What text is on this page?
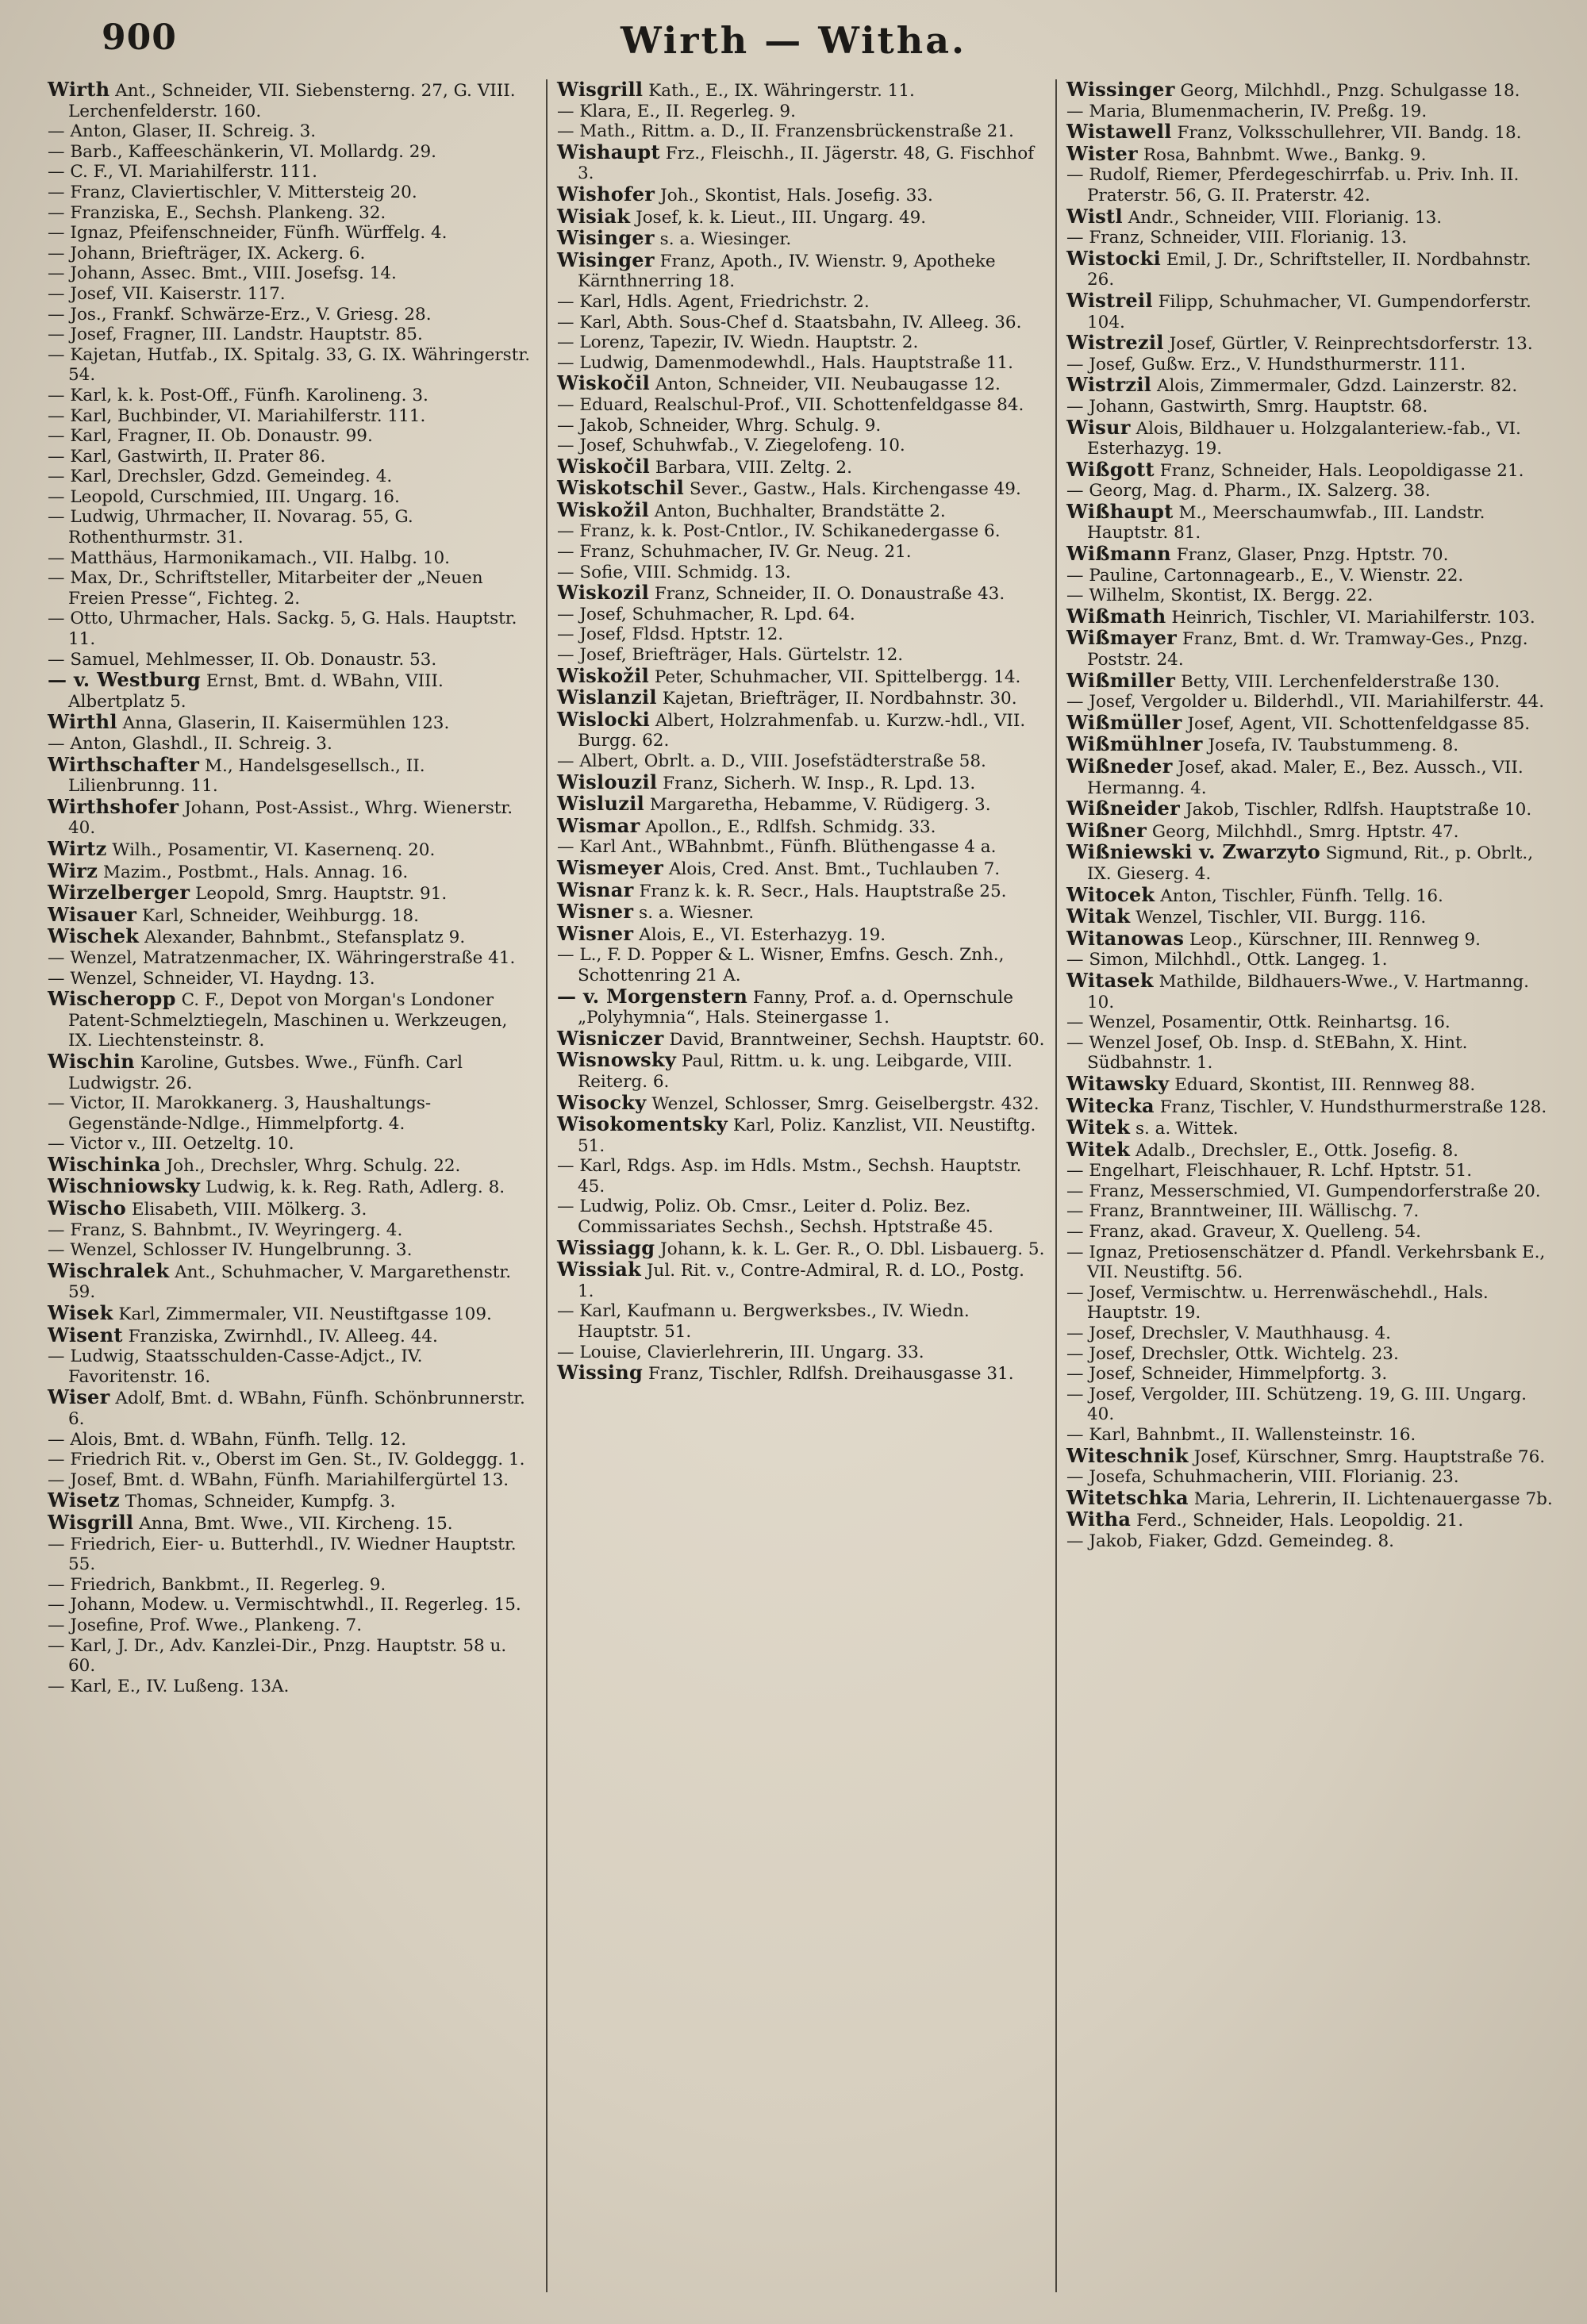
900	Wirth — Witha.
Wirth Ant., Schneider, VII. Siebensterng. 27, G. VIII. Lerchenfelderstr. 160.
— Anton, Glaser, II. Schreig. 3.
— Barb., Kaffeeschänkerin, VI. Mollardg. 29.
— C. F., VI. Mariahilferstr. 111.
— Franz, Claviertischler, V. Mittersteig 20.
— Franziska, E., Sechsh. Plankeng. 32.
— Ignaz, Pfeifenschneider, Fünfh. Würffelg. 4.
— Johann, Briefträger, IX. Ackerg. 6.
— Johann, Assec. Bmt., VIII. Josefsg. 14.
— Josef, VII. Kaiserstr. 117.
— Jos., Frankf. Schwärze-Erz., V. Griesg. 28.
— Josef, Fragner, III. Landstr. Hauptstr. 85.
— Kajetan, Hutfab., IX. Spitalg. 33, G. IX. Währingerstr. 54.
— Karl, k. k. Post-Off., Fünfh. Karolineng. 3.
— Karl, Buchbinder, VI. Mariahilferstr. 111.
— Karl, Fragner, II. Ob. Donaustr. 99.
— Karl, Gastwirth, II. Prater 86.
— Karl, Drechsler, Gdzd. Gemeindeg. 4.
— Leopold, Curschmied, III. Ungarg. 16.
— Ludwig, Uhrmacher, II. Novarag. 55, G. Rothenthurmstr. 31.
— Matthäus, Harmonikamach., VII. Halbg. 10.
— Max, Dr., Schriftsteller, Mitarbeiter der „Neuen Freien Presse“, Fichteg. 2.
— Otto, Uhrmacher, Hals. Sackg. 5, G. Hals. Hauptstr. 11.
— Samuel, Mehlmesser, II. Ob. Donaustr. 53.
— v. Westburg Ernst, Bmt. d. WBahn, VIII. Albertplatz 5.
Wirthl Anna, Glaserin, II. Kaisermühlen 123.
— Anton, Glashdl., II. Schreig. 3.
Wirthschafter M., Handelsgesellsch., II. Lilienbrunng. 11.
Wirthshofer Johann, Post-Assist., Whrg. Wienerstr. 40.
Wirtz Wilh., Posamentir, VI. Kasernenq. 20.
Wirz Mazim., Postbmt., Hals. Annag. 16.
Wirzelberger Leopold, Smrg. Hauptstr. 91.
Wisauer Karl, Schneider, Weihburgg. 18.
Wischek Alexander, Bahnbmt., Stefansplatz 9.
— Wenzel, Matratzenmacher, IX. Währingerstraße 41.
— Wenzel, Schneider, VI. Haydng. 13.
Wischeropp C. F., Depot von Morgan's Londoner Patent-Schmelztiegeln, Maschinen u. Werkzeugen, IX. Liechtensteinstr. 8.
Wischin Karoline, Gutsbes. Wwe., Fünfh. Carl Ludwigstr. 26.
— Victor, II. Marokkanerg. 3, Haushaltungs-Gegenstände-Ndlge., Himmelpfortg. 4.
— Victor v., III. Oetzeltg. 10.
Wischinka Joh., Drechsler, Whrg. Schulg. 22.
Wischniowsky Ludwig, k. k. Reg. Rath, Adlerg. 8.
Wischo Elisabeth, VIII. Mölkerg. 3.
— Franz, S. Bahnbmt., IV. Weyringerg. 4.
— Wenzel, Schlosser IV. Hungelbrunng. 3.
Wischralek Ant., Schuhmacher, V. Margarethenstr. 59.
Wisek Karl, Zimmermaler, VII. Neustiftgasse 109.
Wisent Franziska, Zwirnhdl., IV. Alleeg. 44.
— Ludwig, Staatsschulden-Casse-Adjct., IV. Favoritenstr. 16.
Wiser Adolf, Bmt. d. WBahn, Fünfh. Schönbrunnerstr. 6.
— Alois, Bmt. d. WBahn, Fünfh. Tellg. 12.
— Friedrich Rit. v., Oberst im Gen. St., IV. Goldeggg. 1.
— Josef, Bmt. d. WBahn, Fünfh. Mariahilfergürtel 13.
Wisetz Thomas, Schneider, Kumpfg. 3.
Wisgrill Anna, Bmt. Wwe., VII. Kircheng. 15.
— Friedrich, Eier- u. Butterhdl., IV. Wiedner Hauptstr. 55.
— Friedrich, Bankbmt., II. Regerleg. 9.
— Johann, Modew. u. Vermischtwhdl., II. Regerleg. 15.
— Josefine, Prof. Wwe., Plankeng. 7.
— Karl, J. Dr., Adv. Kanzlei-Dir., Pnzg. Hauptstr. 58 u. 60.
— Karl, E., IV. Lußeng. 13A.
Wisgrill Kath., E., IX. Währingerstr. 11.
— Klara, E., II. Regerleg. 9.
— Math., Rittm. a. D., II. Franzensbrückenstraße 21.
Wishaupt Frz., Fleischh., II. Jägerstr. 48, G. Fischhof 3.
Wishofer Joh., Skontist, Hals. Josefig. 33.
Wisiak Josef, k. k. Lieut., III. Ungarg. 49.
Wisinger s. a. Wiesinger.
Wisinger Franz, Apoth., IV. Wienstr. 9, Apotheke Kärnthnerring 18.
— Karl, Hdls. Agent, Friedrichstr. 2.
— Karl, Abth. Sous-Chef d. Staatsbahn, IV. Alleeg. 36.
— Lorenz, Tapezir, IV. Wiedn. Hauptstr. 2.
— Ludwig, Damenmodewhdl., Hals. Hauptstraße 11.
Wiskočil Anton, Schneider, VII. Neubaugasse 12.
— Eduard, Realschul-Prof., VII. Schottenfeldgasse 84.
— Jakob, Schneider, Whrg. Schulg. 9.
— Josef, Schuhwfab., V. Ziegelofeng. 10.
Wiskočil Barbara, VIII. Zeltg. 2.
Wiskotschil Sever., Gastw., Hals. Kirchengasse 49.
Wiskožil Anton, Buchhalter, Brandstätte 2.
— Franz, k. k. Post-Cntlor., IV. Schikanedergasse 6.
— Franz, Schuhmacher, IV. Gr. Neug. 21.
— Sofie, VIII. Schmidg. 13.
Wiskozil Franz, Schneider, II. O. Donaustraße 43.
— Josef, Schuhmacher, R. Lpd. 64.
— Josef, Fldsd. Hptstr. 12.
— Josef, Briefträger, Hals. Gürtelstr. 12.
Wiskožil Peter, Schuhmacher, VII. Spittelbergg. 14.
Wislanzil Kajetan, Briefträger, II. Nordbahnstr. 30.
Wislocki Albert, Holzrahmenfab. u. Kurzw.-hdl., VII. Burgg. 62.
— Albert, Obrlt. a. D., VIII. Josefstädterstraße 58.
Wislouzil Franz, Sicherh. W. Insp., R. Lpd. 13.
Wisluzil Margaretha, Hebamme, V. Rüdigerg. 3.
Wismar Apollon., E., Rdlfsh. Schmidg. 33.
— Karl Ant., WBahnbmt., Fünfh. Blüthengasse 4 a.
Wismeyer Alois, Cred. Anst. Bmt., Tuchlauben 7.
Wisnar Franz k. k. R. Secr., Hals. Hauptstraße 25.
Wisner s. a. Wiesner.
Wisner Alois, E., VI. Esterhazyg. 19.
— L., F. D. Popper & L. Wisner, Emfns. Gesch. Znh., Schottenring 21 A.
— v. Morgenstern Fanny, Prof. a. d. Opernschule „Polyhymnia“, Hals. Steinergasse 1.
Wisniczer David, Branntweiner, Sechsh. Hauptstr. 60.
Wisnowsky Paul, Rittm. u. k. ung. Leibgarde, VIII. Reiterg. 6.
Wisocky Wenzel, Schlosser, Smrg. Geiselbergstr. 432.
Wisokomentsky Karl, Poliz. Kanzlist, VII. Neustiftg. 51.
— Karl, Rdgs. Asp. im Hdls. Mstm., Sechsh. Hauptstr. 45.
— Ludwig, Poliz. Ob. Cmsr., Leiter d. Poliz. Bez. Commissariates Sechsh., Sechsh. Hptstraße 45.
Wissiagg Johann, k. k. L. Ger. R., O. Dbl. Lisbauerg. 5.
Wissiak Jul. Rit. v., Contre-Admiral, R. d. LO., Postg. 1.
— Karl, Kaufmann u. Bergwerksbes., IV. Wiedn. Hauptstr. 51.
— Louise, Clavierlehrerin, III. Ungarg. 33.
Wissing Franz, Tischler, Rdlfsh. Dreihausgasse 31.
Wissinger Georg, Milchhdl., Pnzg. Schulgasse 18.
— Maria, Blumenmacherin, IV. Preßg. 19.
Wistawell Franz, Volksschullehrer, VII. Bandg. 18.
Wister Rosa, Bahnbmt. Wwe., Bankg. 9.
— Rudolf, Riemer, Pferdegeschirrfab. u. Priv. Inh. II. Praterstr. 56, G. II. Praterstr. 42.
Wistl Andr., Schneider, VIII. Florianig. 13.
— Franz, Schneider, VIII. Florianig. 13.
Wistocki Emil, J. Dr., Schriftsteller, II. Nordbahnstr. 26.
Wistreil Filipp, Schuhmacher, VI. Gumpendorferstr. 104.
Wistrezil Josef, Gürtler, V. Reinprechtsdorferstr. 13.
— Josef, Gußw. Erz., V. Hundsthurmerstr. 111.
Wistrzil Alois, Zimmermaler, Gdzd. Lainzerstr. 82.
— Johann, Gastwirth, Smrg. Hauptstr. 68.
Wisur Alois, Bildhauer u. Holzgalanteriew.-fab., VI. Esterhazyg. 19.
Wißgott Franz, Schneider, Hals. Leopoldigasse 21.
— Georg, Mag. d. Pharm., IX. Salzerg. 38.
Wißhaupt M., Meerschaumwfab., III. Landstr. Hauptstr. 81.
Wißmann Franz, Glaser, Pnzg. Hptstr. 70.
— Pauline, Cartonnagearb., E., V. Wienstr. 22.
— Wilhelm, Skontist, IX. Bergg. 22.
Wißmath Heinrich, Tischler, VI. Mariahilferstr. 103.
Wißmayer Franz, Bmt. d. Wr. Tramway-Ges., Pnzg. Poststr. 24.
Wißmiller Betty, VIII. Lerchenfelderstraße 130.
— Josef, Vergolder u. Bilderhdl., VII. Mariahilferstr. 44.
Wißmüller Josef, Agent, VII. Schottenfeldgasse 85.
Wißmühlner Josefa, IV. Taubstummeng. 8.
Wißneder Josef, akad. Maler, E., Bez. Aussch., VII. Hermanng. 4.
Wißneider Jakob, Tischler, Rdlfsh. Hauptstraße 10.
Wißner Georg, Milchhdl., Smrg. Hptstr. 47.
Wißniewski v. Zwarzyto Sigmund, Rit., p. Obrlt., IX. Gieserg. 4.
Witocek Anton, Tischler, Fünfh. Tellg. 16.
Witak Wenzel, Tischler, VII. Burgg. 116.
Witanowas Leop., Kürschner, III. Rennweg 9.
— Simon, Milchhdl., Ottk. Langeg. 1.
Witasek Mathilde, Bildhauers-Wwe., V. Hartmanng. 10.
— Wenzel, Posamentir, Ottk. Reinhartsg. 16.
— Wenzel Josef, Ob. Insp. d. StEBahn, X. Hint. Südbahnstr. 1.
Witawsky Eduard, Skontist, III. Rennweg 88.
Witecka Franz, Tischler, V. Hundsthurmerstraße 128.
Witek s. a. Wittek.
Witek Adalb., Drechsler, E., Ottk. Josefig. 8.
— Engelhart, Fleischhauer, R. Lchf. Hptstr. 51.
— Franz, Messerschmied, VI. Gumpendorferstraße 20.
— Franz, Branntweiner, III. Wällischg. 7.
— Franz, akad. Graveur, X. Quelleng. 54.
— Ignaz, Pretiosenschätzer d. Pfandl. Verkehrsbank E., VII. Neustiftg. 56.
— Josef, Vermischtw. u. Herrenwäschehdl., Hals. Hauptstr. 19.
— Josef, Drechsler, V. Mauthhausg. 4.
— Josef, Drechsler, Ottk. Wichtelg. 23.
— Josef, Schneider, Himmelpfortg. 3.
— Josef, Vergolder, III. Schützeng. 19, G. III. Ungarg. 40.
— Karl, Bahnbmt., II. Wallensteinstr. 16.
Witeschnik Josef, Kürschner, Smrg. Hauptstraße 76.
— Josefa, Schuhmacherin, VIII. Florianig. 23.
Witetschka Maria, Lehrerin, II. Lichtenauergasse 7b.
Witha Ferd., Schneider, Hals. Leopoldig. 21.
— Jakob, Fiaker, Gdzd. Gemeindeg. 8.
